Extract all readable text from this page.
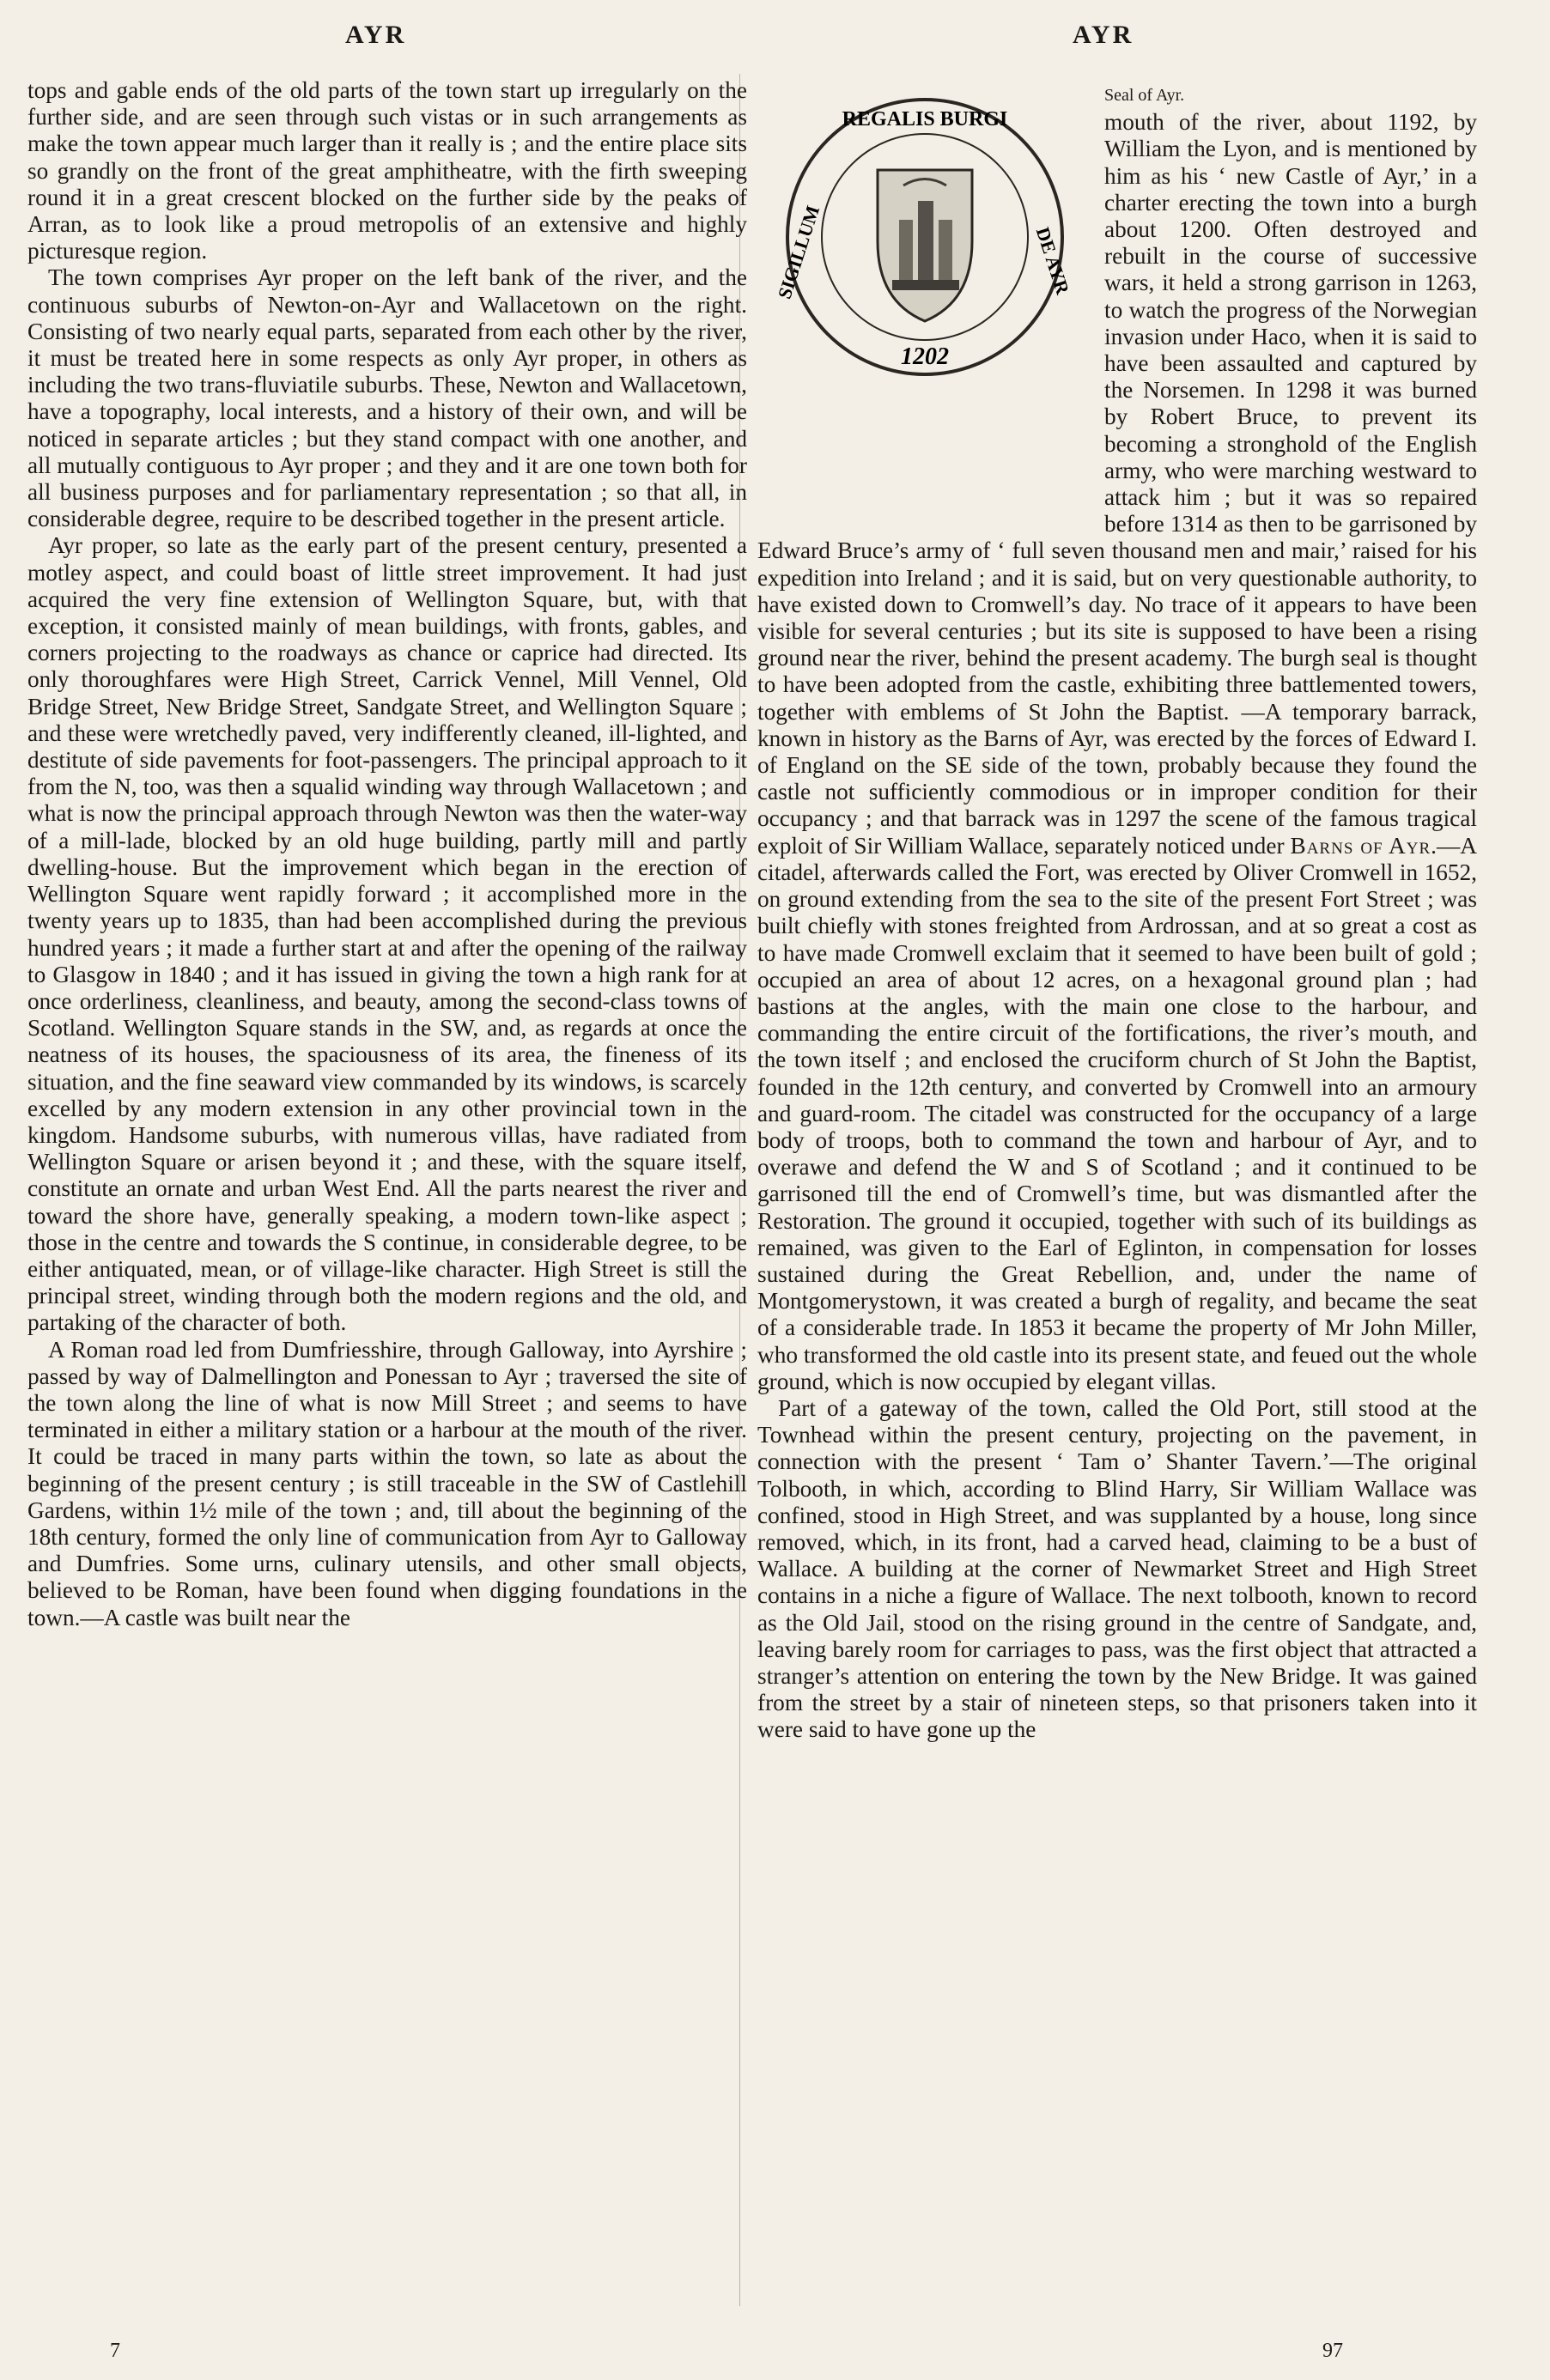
AYR	AYR

tops and gable ends of the old parts of the town start up irregularly on the further side, and are seen through such vistas or in such arrangements as make the town appear much larger than it really is ; and the entire place sits so grandly on the front of the great amphitheatre, with the firth sweeping round it in a great crescent blocked on the further side by the peaks of Arran, as to look like a proud metropolis of an extensive and highly picturesque region.

The town comprises Ayr proper on the left bank of the river, and the continuous suburbs of Newton-on-Ayr and Wallacetown on the right. Consisting of two nearly equal parts, separated from each other by the river, it must be treated here in some respects as only Ayr proper, in others as including the two trans-fluviatile suburbs. These, Newton and Wallacetown, have a topography, local interests, and a history of their own, and will be noticed in separate articles ; but they stand compact with one another, and all mutually contiguous to Ayr proper ; and they and it are one town both for all business purposes and for parliamentary representation ; so that all, in considerable degree, require to be described together in the present article.

Ayr proper, so late as the early part of the present century, presented a motley aspect, and could boast of little street improvement. It had just acquired the very fine extension of Wellington Square, but, with that exception, it consisted mainly of mean buildings, with fronts, gables, and corners projecting to the roadways as chance or caprice had directed. Its only thoroughfares were High Street, Carrick Vennel, Mill Vennel, Old Bridge Street, New Bridge Street, Sandgate Street, and Wellington Square ; and these were wretchedly paved, very indifferently cleaned, ill-lighted, and destitute of side pavements for foot-passengers. The principal approach to it from the N, too, was then a squalid winding way through Wallacetown ; and what is now the principal approach through Newton was then the water-way of a mill-lade, blocked by an old huge building, partly mill and partly dwelling-house. But the improvement which began in the erection of Wellington Square went rapidly forward ; it accomplished more in the twenty years up to 1835, than had been accomplished during the previous hundred years ; it made a further start at and after the opening of the railway to Glasgow in 1840 ; and it has issued in giving the town a high rank for at once orderliness, cleanliness, and beauty, among the second-class towns of Scotland. Wellington Square stands in the SW, and, as regards at once the neatness of its houses, the spaciousness of its area, the fineness of its situation, and the fine seaward view commanded by its windows, is scarcely excelled by any modern extension in any other provincial town in the kingdom. Handsome suburbs, with numerous villas, have radiated from Wellington Square or arisen beyond it ; and these, with the square itself, constitute an ornate and urban West End. All the parts nearest the river and toward the shore have, generally speaking, a modern town-like aspect ; those in the centre and towards the S continue, in considerable degree, to be either antiquated, mean, or of village-like character. High Street is still the principal street, winding through both the modern regions and the old, and partaking of the character of both.

A Roman road led from Dumfriesshire, through Galloway, into Ayrshire ; passed by way of Dalmellington and Ponessan to Ayr ; traversed the site of the town along the line of what is now Mill Street ; and seems to have terminated in either a military station or a harbour at the mouth of the river. It could be traced in many parts within the town, so late as about the beginning of the present century ; is still traceable in the SW of Castlehill Gardens, within 1½ mile of the town ; and, till about the beginning of the 18th century, formed the only line of communication from Ayr to Galloway and Dumfries. Some urns, culinary utensils, and other small objects, believed to be Roman, have been found when digging foundations in the town.—A castle was built near the

REGALIS BURGI
SIGILLUM	DE AYR
1202

Seal of Ayr.
mouth of the river, about 1192, by William the Lyon, and is mentioned by him as his ‘ new Castle of Ayr,’ in a charter erecting the town into a burgh about 1200. Often destroyed and rebuilt in the course of successive wars, it held a strong garrison in 1263, to watch the progress of the Norwegian invasion under Haco, when it is said to have been assaulted and captured by the Norsemen. In 1298 it was burned by Robert Bruce, to prevent its becoming a stronghold of the English army, who were marching westward to attack him ; but it was so repaired before 1314 as then to be garrisoned by Edward Bruce’s army of ‘ full seven thousand men and mair,’ raised for his expedition into Ireland ; and it is said, but on very questionable authority, to have existed down to Cromwell’s day. No trace of it appears to have been visible for several centuries ; but its site is supposed to have been a rising ground near the river, behind the present academy. The burgh seal is thought to have been adopted from the castle, exhibiting three battlemented towers, together with emblems of St John the Baptist. —A temporary barrack, known in history as the Barns of Ayr, was erected by the forces of Edward I. of England on the SE side of the town, probably because they found the castle not sufficiently commodious or in improper condition for their occupancy ; and that barrack was in 1297 the scene of the famous tragical exploit of Sir William Wallace, separately noticed under Barns of Ayr.—A citadel, afterwards called the Fort, was erected by Oliver Cromwell in 1652, on ground extending from the sea to the site of the present Fort Street ; was built chiefly with stones freighted from Ardrossan, and at so great a cost as to have made Cromwell exclaim that it seemed to have been built of gold ; occupied an area of about 12 acres, on a hexagonal ground plan ; had bastions at the angles, with the main one close to the harbour, and commanding the entire circuit of the fortifications, the river’s mouth, and the town itself ; and enclosed the cruciform church of St John the Baptist, founded in the 12th century, and converted by Cromwell into an armoury and guard-room. The citadel was constructed for the occupancy of a large body of troops, both to command the town and harbour of Ayr, and to overawe and defend the W and S of Scotland ; and it continued to be garrisoned till the end of Cromwell’s time, but was dismantled after the Restoration. The ground it occupied, together with such of its buildings as remained, was given to the Earl of Eglinton, in compensation for losses sustained during the Great Rebellion, and, under the name of Montgomerystown, it was created a burgh of regality, and became the seat of a considerable trade. In 1853 it became the property of Mr John Miller, who transformed the old castle into its present state, and feued out the whole ground, which is now occupied by elegant villas.

Part of a gateway of the town, called the Old Port, still stood at the Townhead within the present century, projecting on the pavement, in connection with the present ‘ Tam o’ Shanter Tavern.’—The original Tolbooth, in which, according to Blind Harry, Sir William Wallace was confined, stood in High Street, and was supplanted by a house, long since removed, which, in its front, had a carved head, claiming to be a bust of Wallace. A building at the corner of Newmarket Street and High Street contains in a niche a figure of Wallace. The next tolbooth, known to record as the Old Jail, stood on the rising ground in the centre of Sandgate, and, leaving barely room for carriages to pass, was the first object that attracted a stranger’s attention on entering the town by the New Bridge. It was gained from the street by a stair of nineteen steps, so that prisoners taken into it were said to have gone up the

7	97
